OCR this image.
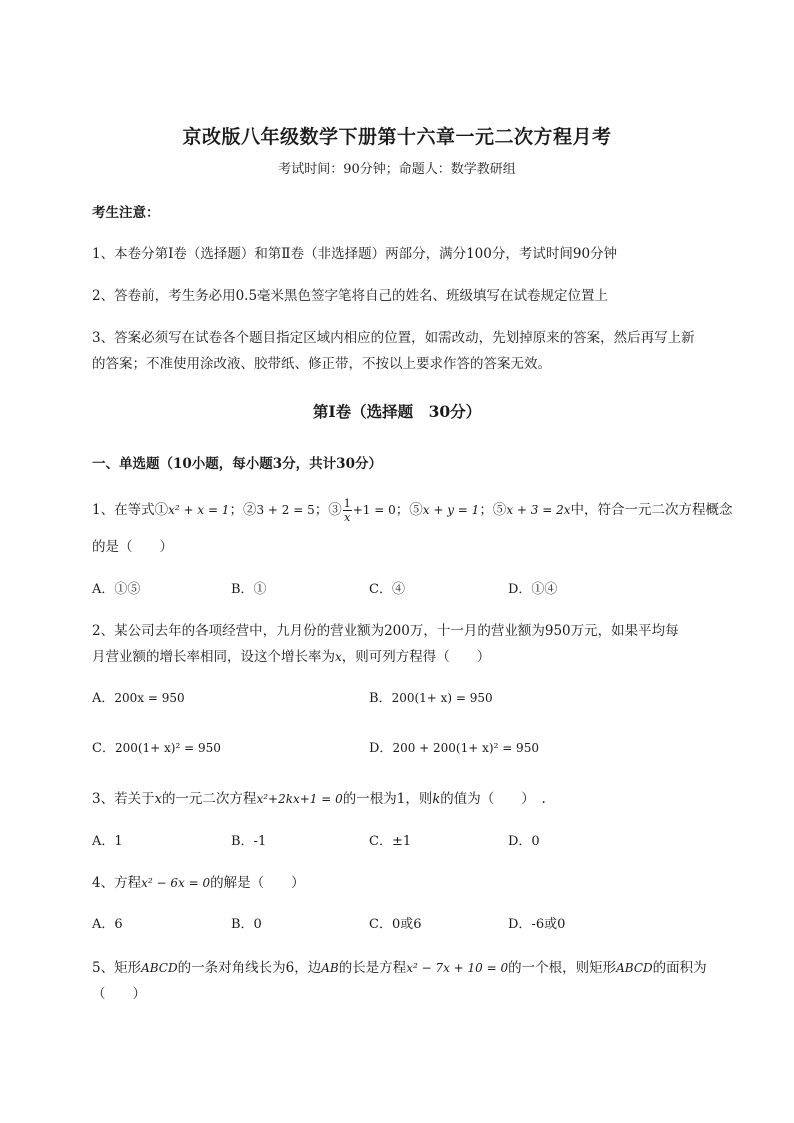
京改版八年级数学下册第十六章一元二次方程月考
考试时间：90分钟；命题人：数学教研组
考生注意：
1、本卷分第Ⅰ卷（选择题）和第Ⅱ卷（非选择题）两部分，满分100分，考试时间90分钟
2、答卷前，考生务必用0.5毫米黑色签字笔将自己的姓名、班级填写在试卷规定位置上
3、答案必须写在试卷各个题目指定区域内相应的位置，如需改动，先划掉原来的答案，然后再写上新
的答案；不准使用涂改液、胶带纸、修正带，不按以上要求作答的答案无效。
第Ⅰ卷（选择题　30分）
一、单选题（10小题，每小题3分，共计30分）
1、在等式①x² + x = 1；②3 + 2 = 5；③ $\frac{1}{x} +1 = 0$；⑤x + y = 1；⑤x + 3 = 2x中，符合一元二次方程概念
的是（　　）
A．①⑤	B．①	C．④	D．①④
2、某公司去年的各项经营中，九月份的营业额为200万，十一月的营业额为950万元，如果平均每
月营业额的增长率相同，设这个增长率为x，则可列方程得（　　）
A．200x = 950	B．200(1+ x) = 950
C．200(1+ x)² = 950	D．200 + 200(1+ x)² = 950
3、若关于x的一元二次方程x²+2kx+1 = 0的一根为1，则k的值为（　　）　.
A．1	B．-1	C．±1	D．0
4、方程x² − 6x = 0的解是（　　）
A．6	B．0	C．0或6	D．-6或0
5、矩形ABCD的一条对角线长为6，边AB的长是方程x² − 7x + 10 = 0的一个根，则矩形ABCD的面积为
（　　）
